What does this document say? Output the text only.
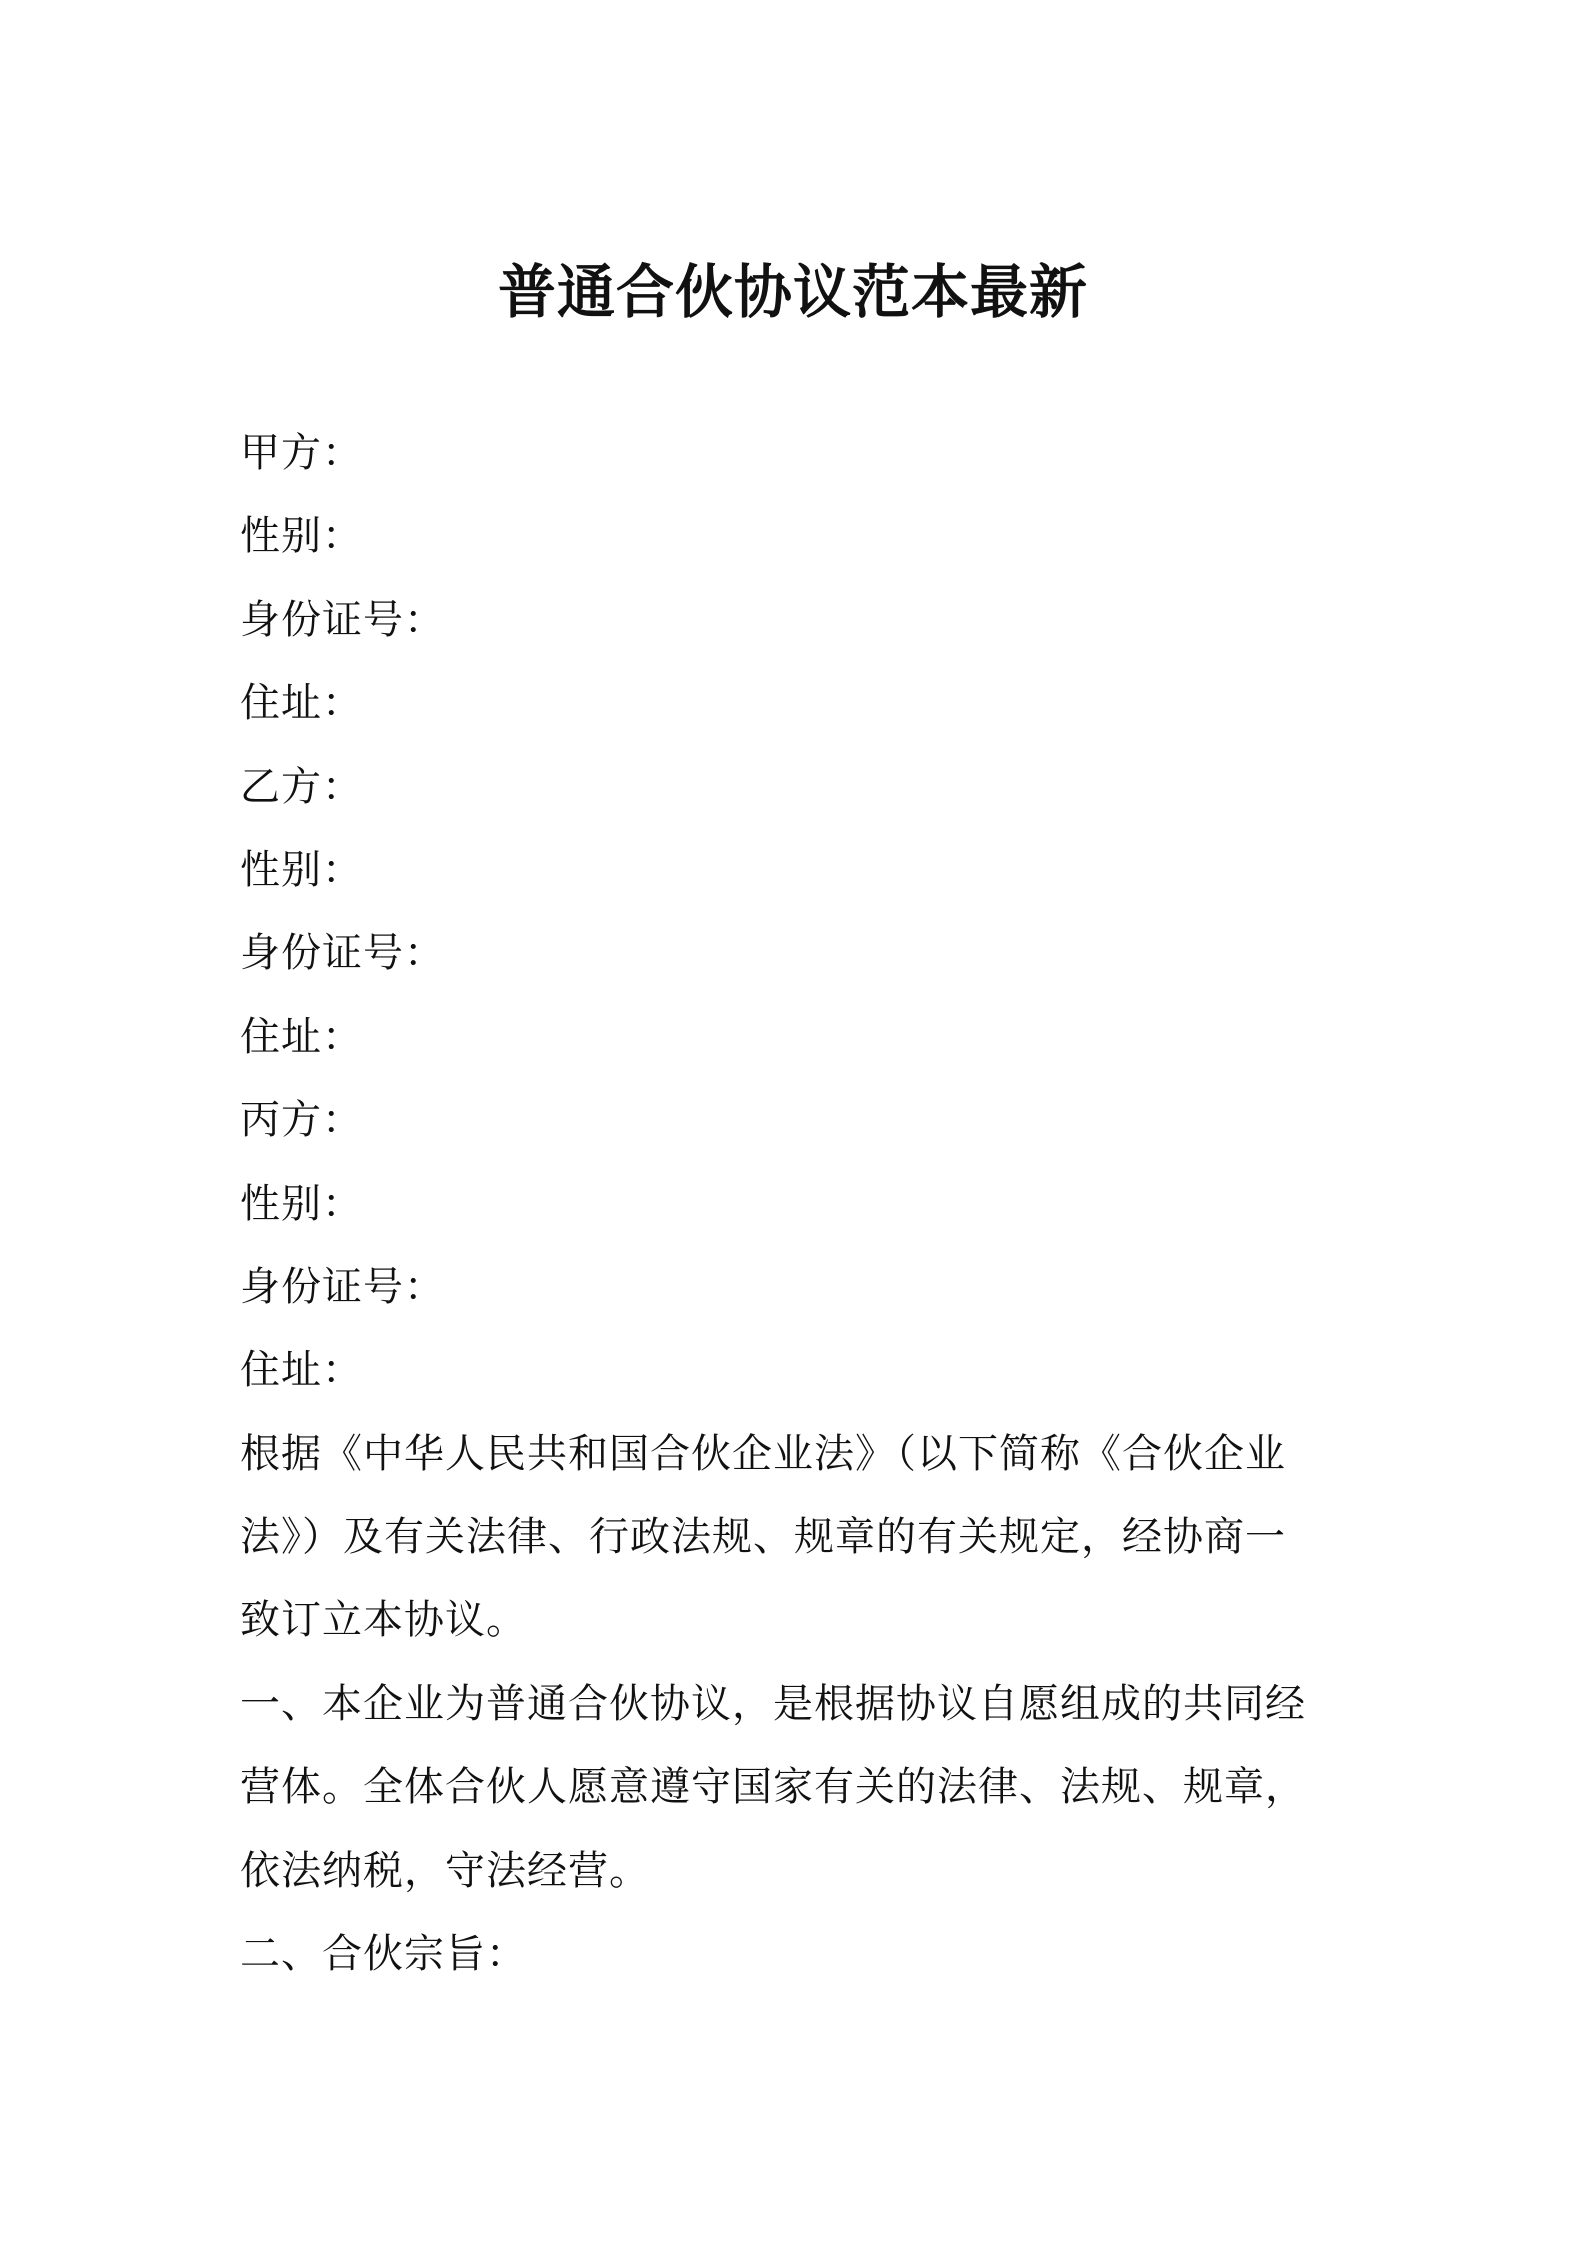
普通合伙协议范本最新
甲方：
性别：
身份证号：
住址：
乙方：
性别：
身份证号：
住址：
丙方：
性别：
身份证号：
住址：
根据《中华人民共和国合伙企业法》（以下简称《合伙企业
法》）及有关法律、行政法规、规章的有关规定，经协商一
致订立本协议。
一、本企业为普通合伙协议，是根据协议自愿组成的共同经
营体。全体合伙人愿意遵守国家有关的法律、法规、规章，
依法纳税，守法经营。
二、合伙宗旨：
